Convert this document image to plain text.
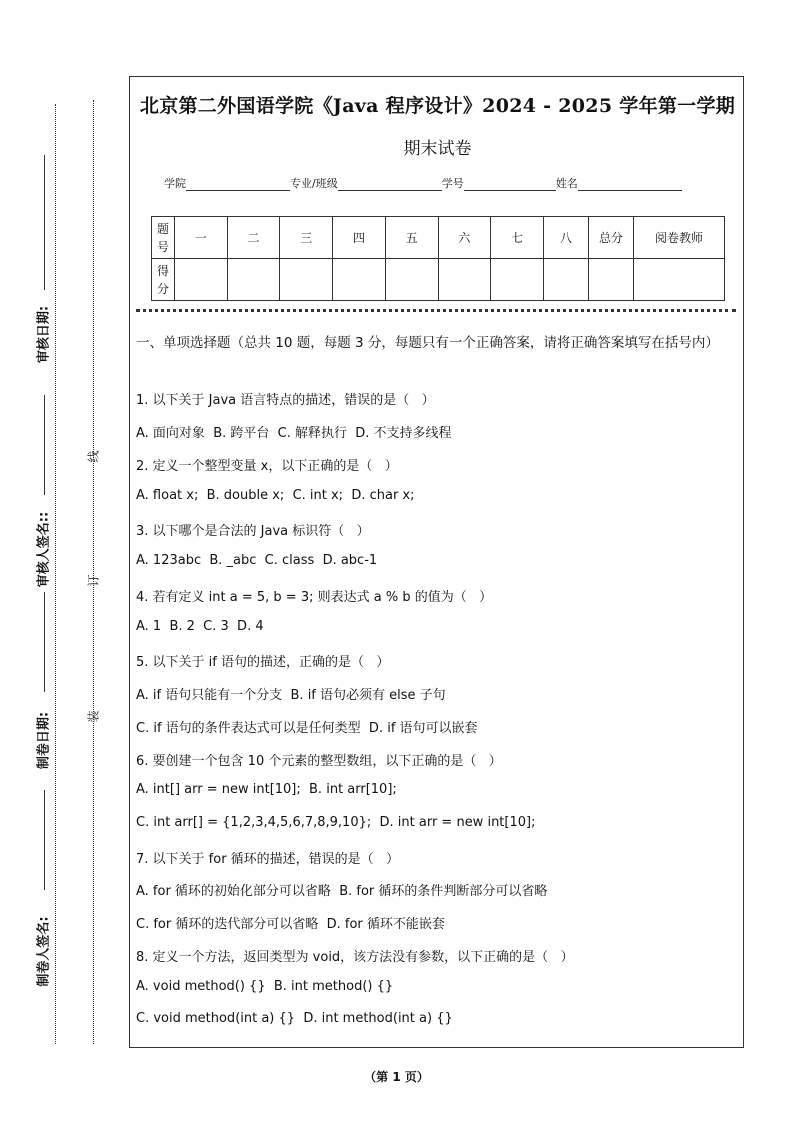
审核日期:
审核人签名::
制卷日期:
制卷人签名:
线
订
装
北京第二外国语学院《Java 程序设计》2024 - 2025 学年第一学期
期末试卷
学院	专业/班级	学号	姓名
题号	一	二	三	四	五	六	七	八	总分	阅卷教师
得分										
一、单项选择题（总共 10 题，每题 3 分，每题只有一个正确答案，请将正确答案填写在括号内）
1. 以下关于 Java 语言特点的描述，错误的是（   ）
A. 面向对象  B. 跨平台  C. 解释执行  D. 不支持多线程
2. 定义一个整型变量 x，以下正确的是（   ）
A. float x;  B. double x;  C. int x;  D. char x;
3. 以下哪个是合法的 Java 标识符（   ）
A. 123abc  B. _abc  C. class  D. abc-1
4. 若有定义 int a = 5, b = 3; 则表达式 a % b 的值为（   ）
A. 1  B. 2  C. 3  D. 4
5. 以下关于 if 语句的描述，正确的是（   ）
A. if 语句只能有一个分支  B. if 语句必须有 else 子句
C. if 语句的条件表达式可以是任何类型  D. if 语句可以嵌套
6. 要创建一个包含 10 个元素的整型数组，以下正确的是（   ）
A. int[] arr = new int[10];  B. int arr[10];
C. int arr[] = {1,2,3,4,5,6,7,8,9,10};  D. int arr = new int[10];
7. 以下关于 for 循环的描述，错误的是（   ）
A. for 循环的初始化部分可以省略  B. for 循环的条件判断部分可以省略
C. for 循环的迭代部分可以省略  D. for 循环不能嵌套
8. 定义一个方法，返回类型为 void，该方法没有参数，以下正确的是（   ）
A. void method() {}  B. int method() {}
C. void method(int a) {}  D. int method(int a) {}
（第 1 页）
